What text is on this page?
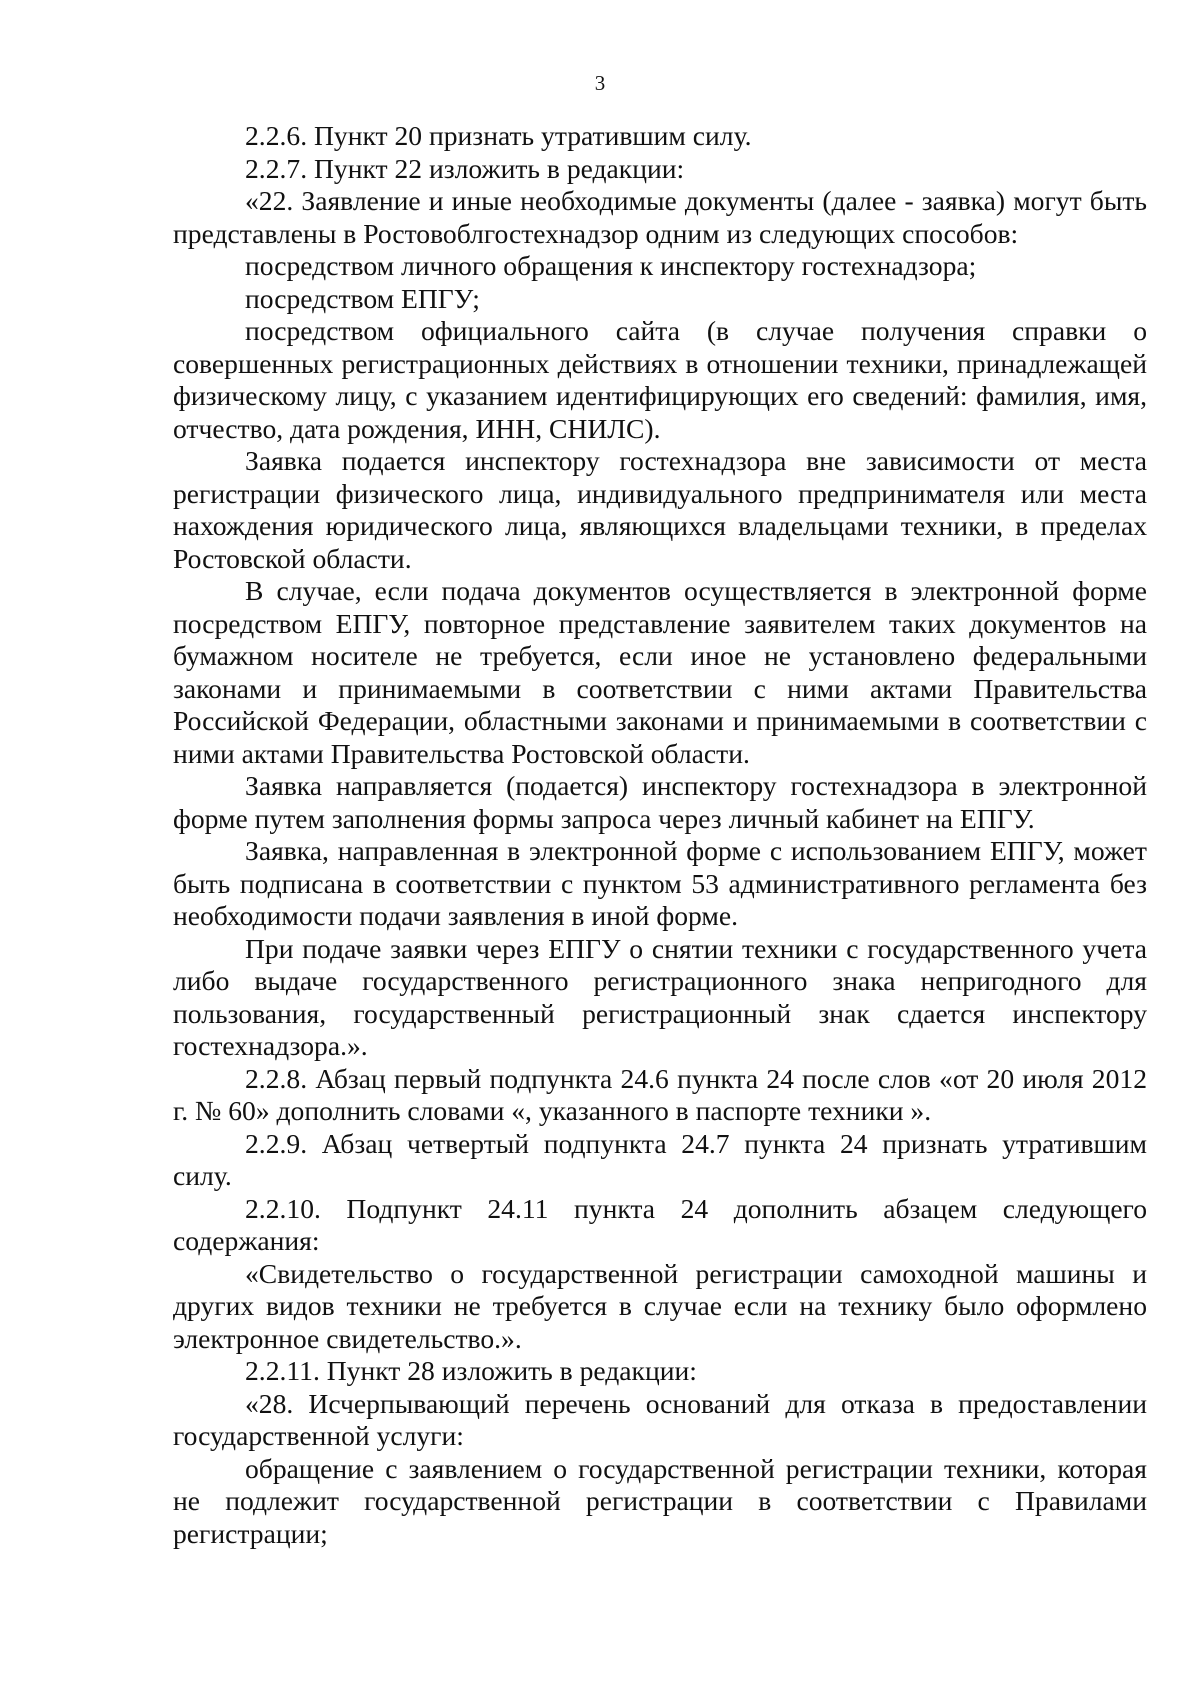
3

2.2.6. Пункт 20 признать утратившим силу.

2.2.7. Пункт 22 изложить в редакции:

«22. Заявление и иные необходимые документы (далее - заявка) могут быть представлены в Ростовоблгостехнадзор одним из следующих способов:

посредством личного обращения к инспектору гостехнадзора;

посредством ЕПГУ;

посредством официального сайта (в случае получения справки о совершенных регистрационных действиях в отношении техники, принадлежащей физическому лицу, с указанием идентифицирующих его сведений: фамилия, имя, отчество, дата рождения, ИНН, СНИЛС).

Заявка подается инспектору гостехнадзора вне зависимости от места регистрации физического лица, индивидуального предпринимателя или места нахождения юридического лица, являющихся владельцами техники, в пределах Ростовской области.

В случае, если подача документов осуществляется в электронной форме посредством ЕПГУ, повторное представление заявителем таких документов на бумажном носителе не требуется, если иное не установлено федеральными законами и принимаемыми в соответствии с ними актами Правительства Российской Федерации, областными законами и принимаемыми в соответствии с ними актами Правительства Ростовской области.

Заявка направляется (подается) инспектору гостехнадзора в электронной форме путем заполнения формы запроса через личный кабинет на ЕПГУ.

Заявка, направленная в электронной форме с использованием ЕПГУ, может быть подписана в соответствии с пунктом 53 административного регламента без необходимости подачи заявления в иной форме.

При подаче заявки через ЕПГУ о снятии техники с государственного учета либо выдаче государственного регистрационного знака непригодного для пользования, государственный регистрационный знак сдается инспектору гостехнадзора.».

2.2.8. Абзац первый подпункта 24.6 пункта 24 после слов «от 20 июля 2012 г. № 60» дополнить словами «, указанного в паспорте техники ».

2.2.9. Абзац четвертый подпункта 24.7 пункта 24 признать утратившим силу.

2.2.10. Подпункт 24.11 пункта 24 дополнить абзацем следующего содержания:

«Свидетельство о государственной регистрации самоходной машины и других видов техники не требуется в случае если на технику было оформлено электронное свидетельство.».

2.2.11. Пункт 28 изложить в редакции:

«28. Исчерпывающий перечень оснований для отказа в предоставлении государственной услуги:

обращение с заявлением о государственной регистрации техники, которая не подлежит государственной регистрации в соответствии с Правилами регистрации;
